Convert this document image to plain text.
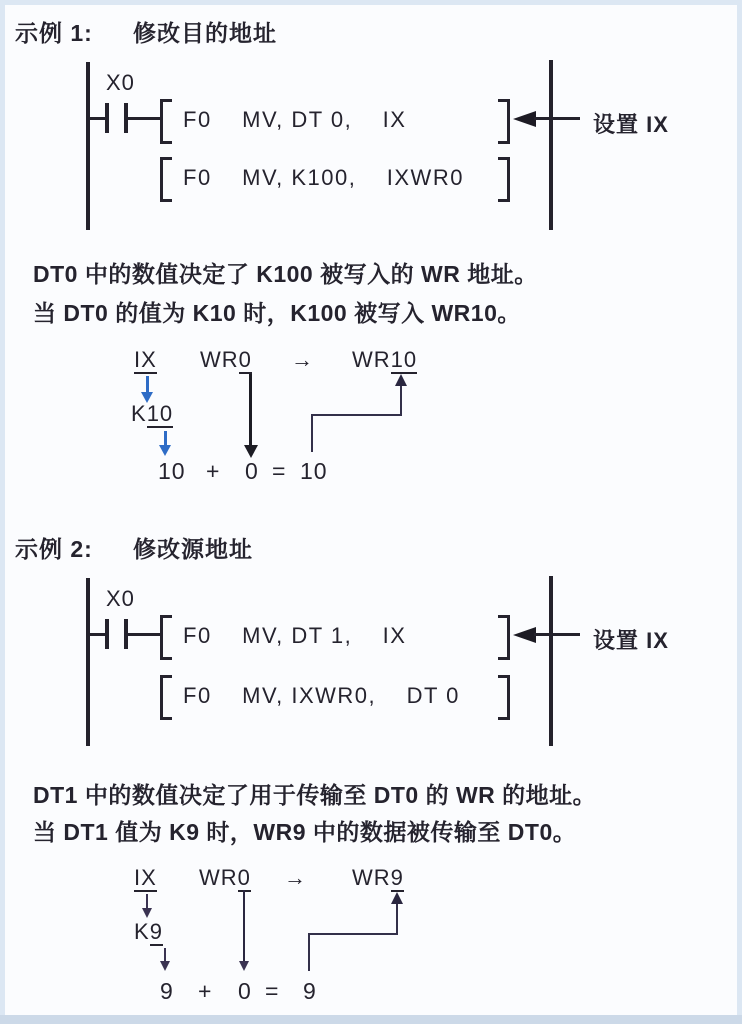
示例 1: 修改目的地址
X0
F0    MV, DT 0,    IX	设置 IX
F0    MV, K100,    IXWR0
DT0 中的数值决定了 K100 被写入的 WR 地址。
当 DT0 的值为 K10 时，K100 被写入 WR10。
IX WR0 → WR10
K10
10 + 0 = 10
示例 2: 修改源地址
X0
F0    MV, DT 1,    IX	设置 IX
F0    MV, IXWR0,    DT 0
DT1 中的数值决定了用于传输至 DT0 的 WR 的地址。
当 DT1 值为 K9 时，WR9 中的数据被传输至 DT0。
IX WR0 → WR9
K9
9 + 0 = 9
